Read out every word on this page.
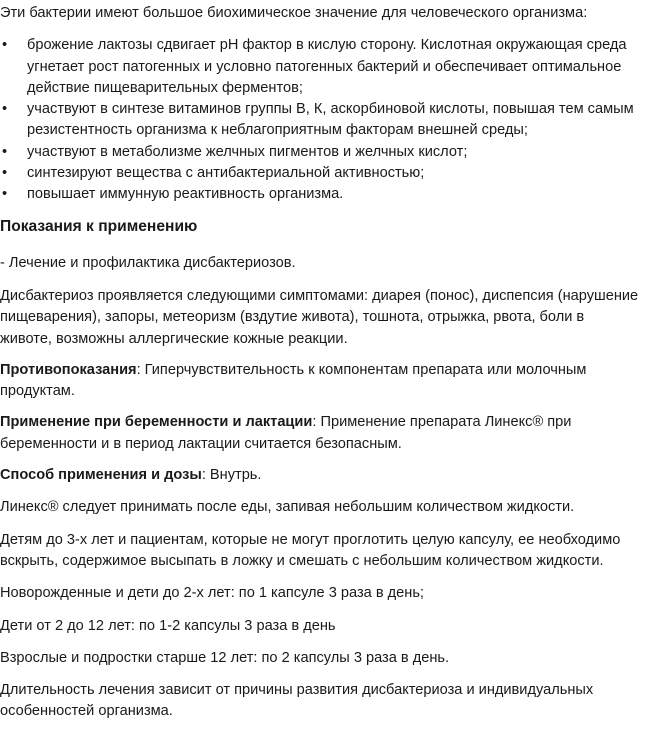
Эти бактерии имеют большое биохимическое значение для человеческого организма:

• брожение лактозы сдвигает pH фактор в кислую сторону. Кислотная окружающая среда угнетает рост патогенных и условно патогенных бактерий и обеспечивает оптимальное действие пищеварительных ферментов;
• участвуют в синтезе витаминов группы В, К, аскорбиновой кислоты, повышая тем самым резистентность организма к неблагоприятным факторам внешней среды;
• участвуют в метаболизме желчных пигментов и желчных кислот;
• синтезируют вещества с антибактериальной активностью;
• повышает иммунную реактивность организма.
Показания к применению

- Лечение и профилактика дисбактериозов.

Дисбактериоз проявляется следующими симптомами: диарея (понос), диспепсия (нарушение пищеварения), запоры, метеоризм (вздутие живота), тошнота, отрыжка, рвота, боли в животе, возможны аллергические кожные реакции.

Противопоказания: Гиперчувствительность к компонентам препарата или молочным продуктам.

Применение при беременности и лактации: Применение препарата Линекс® при беременности и в период лактации считается безопасным.

Способ применения и дозы: Внутрь.

Линекс® следует принимать после еды, запивая небольшим количеством жидкости.

Детям до 3-х лет и пациентам, которые не могут проглотить целую капсулу, ее необходимо вскрыть, содержимое высыпать в ложку и смешать с небольшим количеством жидкости.

Новорожденные и дети до 2-х лет: по 1 капсуле 3 раза в день;

Дети от 2 до 12 лет: по 1-2 капсулы 3 раза в день

Взрослые и подростки старше 12 лет: по 2 капсулы 3 раза в день.

Длительность лечения зависит от причины развития дисбактериоза и индивидуальных особенностей организма.
